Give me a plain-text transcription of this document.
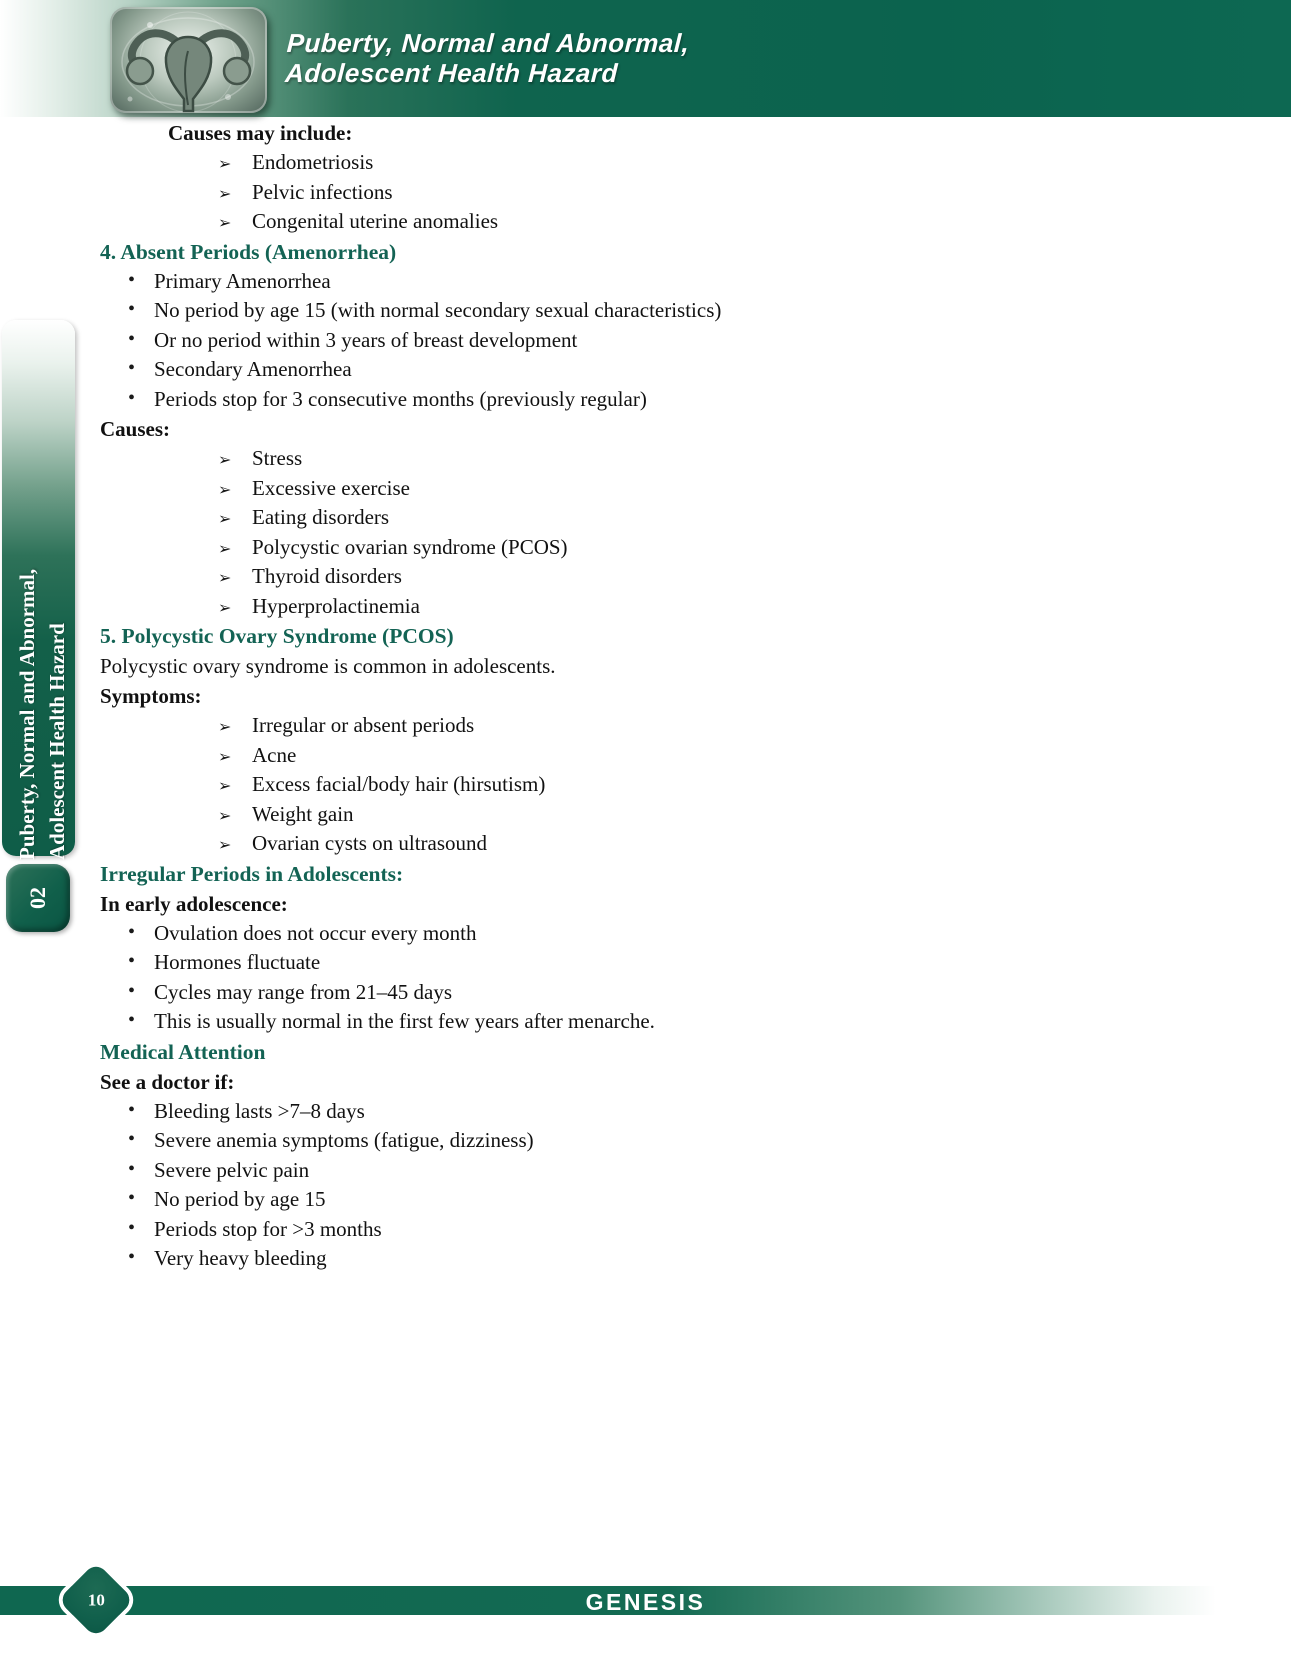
Puberty, Normal and Abnormal,
Adolescent Health Hazard
Puberty, Normal and Abnormal, Adolescent Health Hazard
02

Causes may include:

➢ Endometriosis
➢ Pelvic infections
➢ Congenital uterine anomalies

4. Absent Periods (Amenorrhea)

• Primary Amenorrhea
• No period by age 15 (with normal secondary sexual characteristics)
• Or no period within 3 years of breast development
• Secondary Amenorrhea
• Periods stop for 3 consecutive months (previously regular)

Causes:

➢ Stress
➢ Excessive exercise
➢ Eating disorders
➢ Polycystic ovarian syndrome (PCOS)
➢ Thyroid disorders
➢ Hyperprolactinemia

5. Polycystic Ovary Syndrome (PCOS)

Polycystic ovary syndrome is common in adolescents.

Symptoms:

➢ Irregular or absent periods
➢ Acne
➢ Excess facial/body hair (hirsutism)
➢ Weight gain
➢ Ovarian cysts on ultrasound

Irregular Periods in Adolescents:

In early adolescence:

• Ovulation does not occur every month
• Hormones fluctuate
• Cycles may range from 21–45 days
• This is usually normal in the first few years after menarche.

Medical Attention

See a doctor if:

• Bleeding lasts >7–8 days
• Severe anemia symptoms (fatigue, dizziness)
• Severe pelvic pain
• No period by age 15
• Periods stop for >3 months
• Very heavy bleeding
10	GENESIS
